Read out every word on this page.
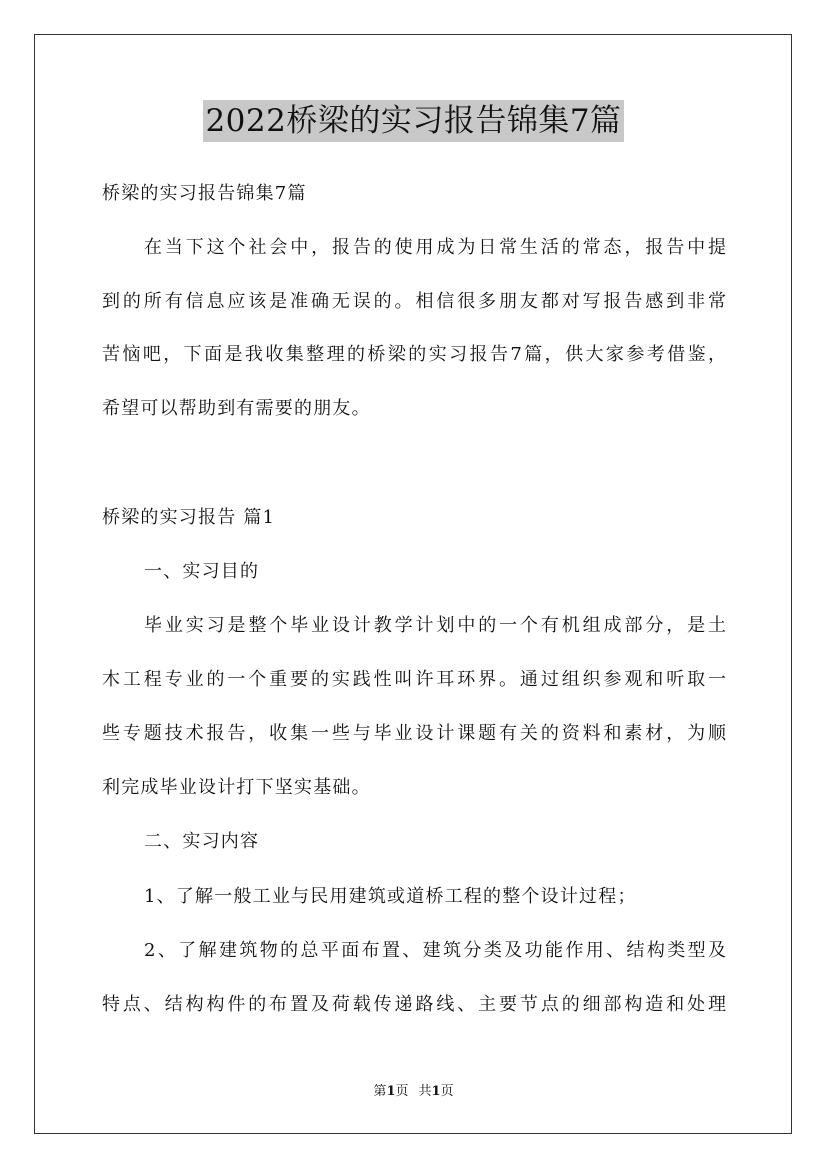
2022桥梁的实习报告锦集7篇
桥梁的实习报告锦集7篇
在当下这个社会中，报告的使用成为日常生活的常态，报告中提
到的所有信息应该是准确无误的。相信很多朋友都对写报告感到非常
苦恼吧，下面是我收集整理的桥梁的实习报告7篇，供大家参考借鉴，
希望可以帮助到有需要的朋友。
桥梁的实习报告 篇1
一、实习目的
毕业实习是整个毕业设计教学计划中的一个有机组成部分，是土
木工程专业的一个重要的实践性叫许耳环界。通过组织参观和听取一
些专题技术报告，收集一些与毕业设计课题有关的资料和素材，为顺
利完成毕业设计打下坚实基础。
二、实习内容
1、了解一般工业与民用建筑或道桥工程的整个设计过程；
2、了解建筑物的总平面布置、建筑分类及功能作用、结构类型及
特点、结构构件的布置及荷载传递路线、主要节点的细部构造和处理
第1页 共1页
